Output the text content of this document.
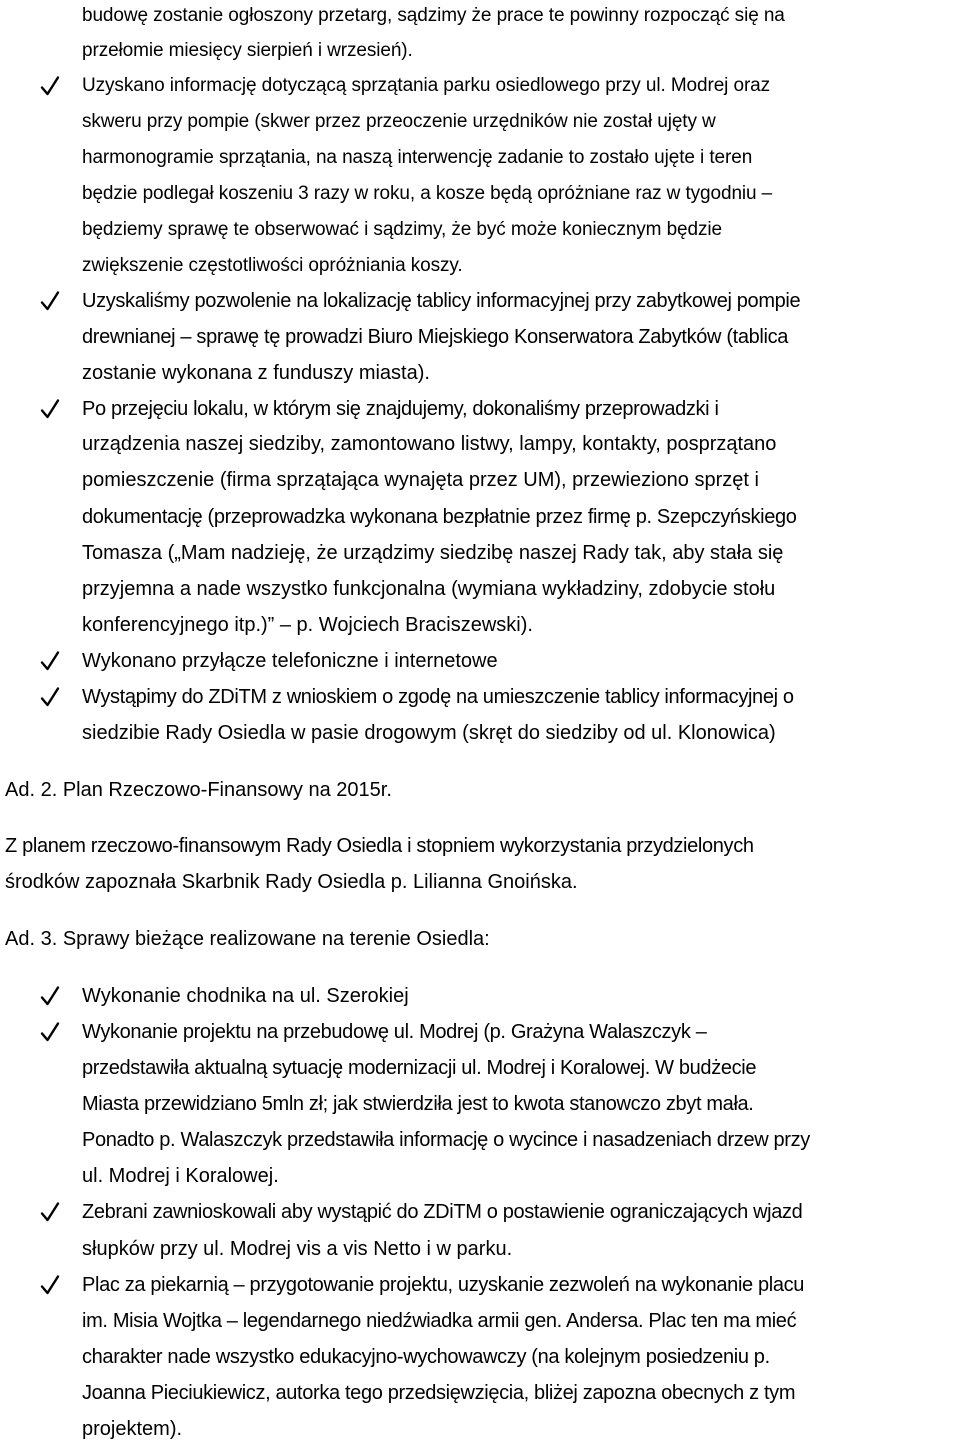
budowę zostanie ogłoszony przetarg, sądzimy że prace te powinny rozpocząć się na
przełomie miesięcy sierpień i wrzesień).
Uzyskano informację dotyczącą sprzątania parku osiedlowego przy ul. Modrej oraz
skweru przy pompie (skwer przez przeoczenie urzędników nie został ujęty w
harmonogramie sprzątania, na naszą interwencję zadanie to zostało ujęte i teren
będzie podlegał koszeniu 3 razy w roku, a kosze będą opróżniane raz w tygodniu –
będziemy sprawę te obserwować i sądzimy, że być może koniecznym będzie
zwiększenie częstotliwości opróżniania koszy.
Uzyskaliśmy pozwolenie na lokalizację tablicy informacyjnej przy zabytkowej pompie
drewnianej – sprawę tę prowadzi Biuro Miejskiego Konserwatora Zabytków (tablica
zostanie wykonana z funduszy miasta).
Po przejęciu lokalu, w którym się znajdujemy, dokonaliśmy przeprowadzki i
urządzenia naszej siedziby, zamontowano listwy, lampy, kontakty, posprzątano
pomieszczenie (firma sprzątająca wynajęta przez UM), przewieziono sprzęt i
dokumentację (przeprowadzka wykonana bezpłatnie przez firmę p. Szepczyńskiego
Tomasza („Mam nadzieję, że urządzimy siedzibę naszej Rady tak, aby stała się
przyjemna a nade wszystko funkcjonalna (wymiana wykładziny, zdobycie stołu
konferencyjnego itp.)” – p. Wojciech Braciszewski).
Wykonano przyłącze telefoniczne i internetowe
Wystąpimy do ZDiTM z wnioskiem o zgodę na umieszczenie tablicy informacyjnej o
siedzibie Rady Osiedla w pasie drogowym (skręt do siedziby od ul. Klonowica)
Ad. 2. Plan Rzeczowo-Finansowy na 2015r.
Z planem rzeczowo-finansowym Rady Osiedla i stopniem wykorzystania przydzielonych
środków zapoznała Skarbnik Rady Osiedla p. Lilianna Gnoińska.
Ad. 3. Sprawy bieżące realizowane na terenie Osiedla:
Wykonanie chodnika na ul. Szerokiej
Wykonanie projektu na przebudowę ul. Modrej (p. Grażyna Walaszczyk –
przedstawiła aktualną sytuację modernizacji ul. Modrej i Koralowej. W budżecie
Miasta przewidziano 5mln zł; jak stwierdziła jest to kwota stanowczo zbyt mała.
Ponadto p. Walaszczyk przedstawiła informację o wycince i nasadzeniach drzew przy
ul. Modrej i Koralowej.
Zebrani zawnioskowali aby wystąpić do ZDiTM o postawienie ograniczających wjazd
słupków przy ul. Modrej vis a vis Netto i w parku.
Plac za piekarnią – przygotowanie projektu, uzyskanie zezwoleń na wykonanie placu
im. Misia Wojtka – legendarnego niedźwiadka armii gen. Andersa. Plac ten ma mieć
charakter nade wszystko edukacyjno-wychowawczy (na kolejnym posiedzeniu p.
Joanna Pieciukiewicz, autorka tego przedsięwzięcia, bliżej zapozna obecnych z tym
projektem).
